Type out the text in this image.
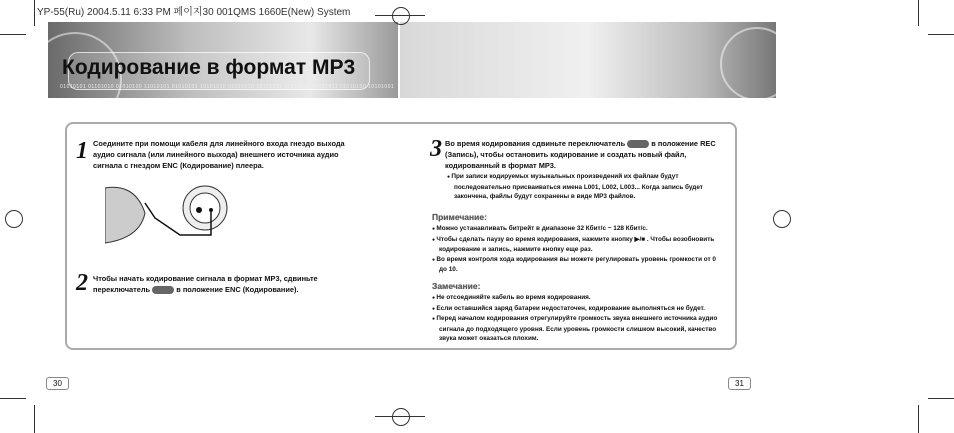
YP-55(Ru) 2004.5.11 6:33 PM 페이지30 001QMS 1660E(New) System
01010101 01101010 01010100 11010101 01010101 10101010 01010010 10101011 01010101 00101011 01010100 10101001
Кодирование в формат MP3
1 Соедините при помощи кабеля для линейного входа гнездо выхода аудио сигнала (или линейного выхода) внешнего источника аудио сигнала с гнездом ENC (Кодирование) плеера.
2 Чтобы начать кодирование сигнала в формат MP3, сдвиньте переключатель	в положение ENC (Кодирование).
3 Во время кодирования сдвиньте переключатель	в положение REC (Запись), чтобы остановить кодирование и создать новый файл, кодированный в формат MP3.
● При записи кодируемых музыкальных произведений их файлам будут последовательно присваиваться имена L001, L002, L003... Когда запись будет закончена, файлы будут сохранены в виде MP3 файлов.
Примечание:
● Можно устанавливать битрейт в диапазоне 32 Кбит/с ~ 128 Кбит/с.
● Чтобы сделать паузу во время кодирования, нажмите кнопку ▶/■ . Чтобы возобновить кодирование и запись, нажмите кнопку еще раз.
● Во время контроля хода кодирования вы можете регулировать уровень громкости от 0 до 10.
Замечание:
● Не отсоединяйте кабель во время кодирования.
● Если оставшийся заряд батареи недостаточен, кодирование выполняться не будет.
● Перед началом кодирования отрегулируйте громкость звука внешнего источника аудио сигнала до подходящего уровня. Если уровень громкости слишком высокий, качество звука может оказаться плохим.
30	31
